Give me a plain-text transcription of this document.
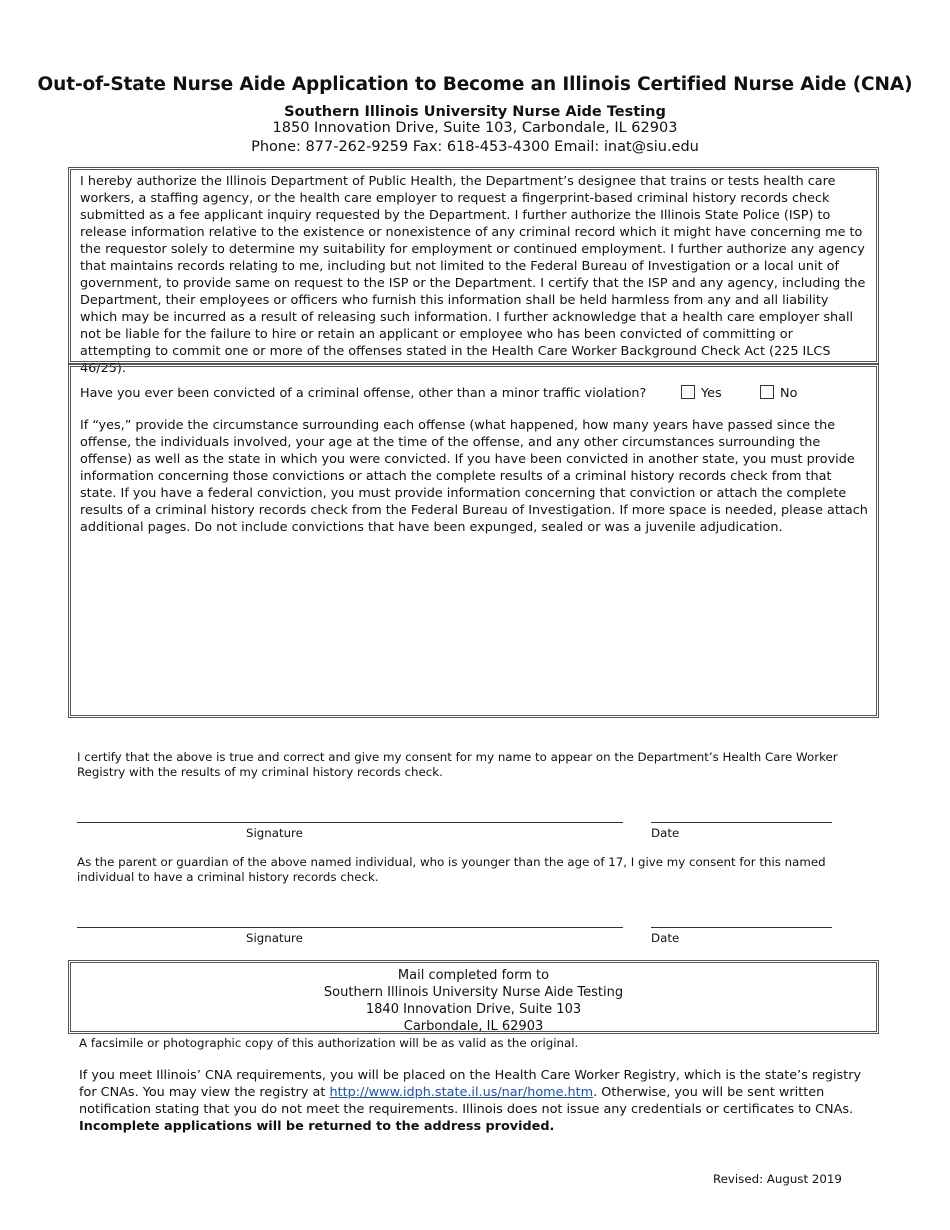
Out-of-State Nurse Aide Application to Become an Illinois Certified Nurse Aide (CNA)
Southern Illinois University Nurse Aide Testing
1850 Innovation Drive, Suite 103, Carbondale, IL 62903
Phone: 877-262-9259 Fax: 618-453-4300 Email: inat@siu.edu
I hereby authorize the Illinois Department of Public Health, the Department’s designee that trains or tests health care workers, a staffing agency, or the health care employer to request a fingerprint-based criminal history records check submitted as a fee applicant inquiry requested by the Department. I further authorize the Illinois State Police (ISP) to release information relative to the existence or nonexistence of any criminal record which it might have concerning me to the requestor solely to determine my suitability for employment or continued employment. I further authorize any agency that maintains records relating to me, including but not limited to the Federal Bureau of Investigation or a local unit of government, to provide same on request to the ISP or the Department. I certify that the ISP and any agency, including the Department, their employees or officers who furnish this information shall be held harmless from any and all liability which may be incurred as a result of releasing such information. I further acknowledge that a health care employer shall not be liable for the failure to hire or retain an applicant or employee who has been convicted of committing or attempting to commit one or more of the offenses stated in the Health Care Worker Background Check Act (225 ILCS 46/25).
Have you ever been convicted of a criminal offense, other than a minor traffic violation?	Yes	No
If “yes,” provide the circumstance surrounding each offense (what happened, how many years have passed since the offense, the individuals involved, your age at the time of the offense, and any other circumstances surrounding the offense) as well as the state in which you were convicted. If you have been convicted in another state, you must provide information concerning those convictions or attach the complete results of a criminal history records check from that state. If you have a federal conviction, you must provide information concerning that conviction or attach the complete results of a criminal history records check from the Federal Bureau of Investigation. If more space is needed, please attach additional pages. Do not include convictions that have been expunged, sealed or was a juvenile adjudication.
I certify that the above is true and correct and give my consent for my name to appear on the Department’s Health Care Worker Registry with the results of my criminal history records check.
Signature	Date
As the parent or guardian of the above named individual, who is younger than the age of 17, I give my consent for this named individual to have a criminal history records check.
Signature	Date
Mail completed form to
Southern Illinois University Nurse Aide Testing
1840 Innovation Drive, Suite 103
Carbondale, IL 62903
A facsimile or photographic copy of this authorization will be as valid as the original.
If you meet Illinois’ CNA requirements, you will be placed on the Health Care Worker Registry, which is the state’s registry for CNAs. You may view the registry at http://www.idph.state.il.us/nar/home.htm. Otherwise, you will be sent written notification stating that you do not meet the requirements. Illinois does not issue any credentials or certificates to CNAs. Incomplete applications will be returned to the address provided.
Revised: August 2019
